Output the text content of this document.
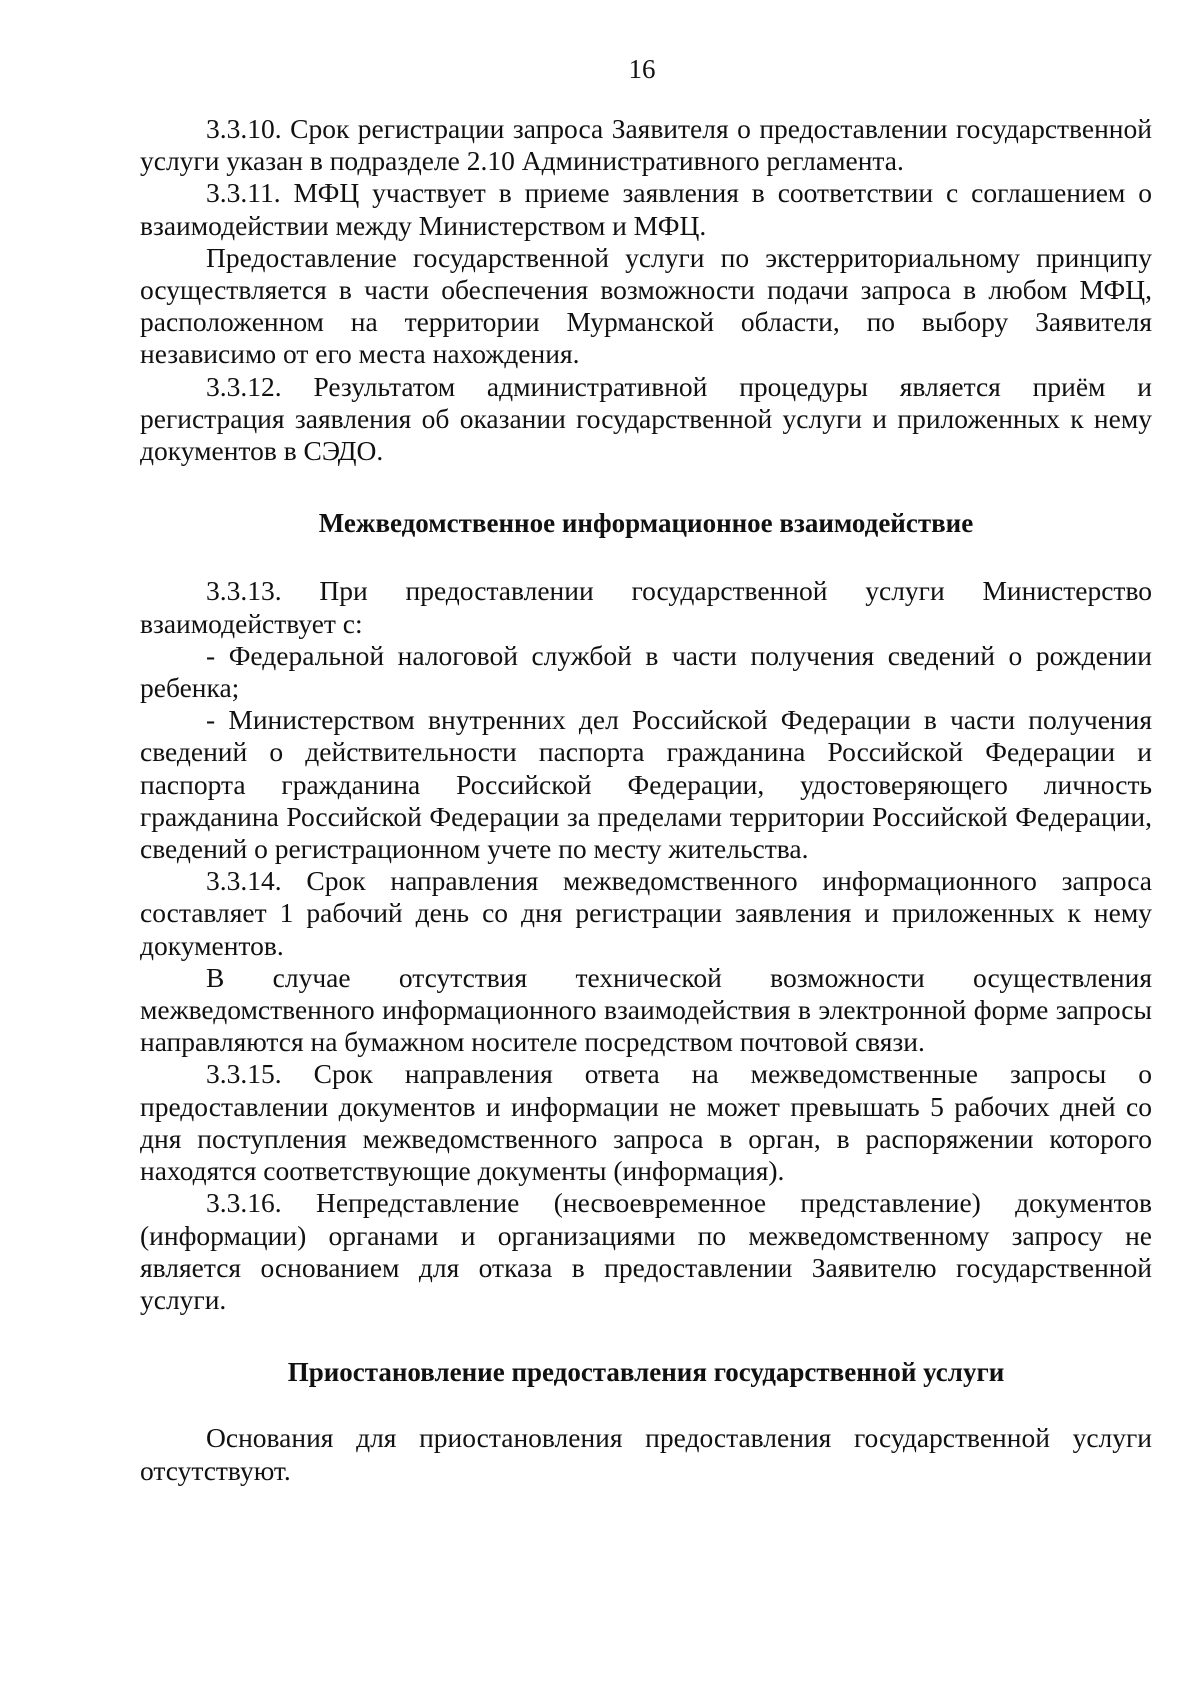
16

3.3.10. Срок регистрации запроса Заявителя о предоставлении государственной услуги указан в подразделе 2.10 Административного регламента.

3.3.11. МФЦ участвует в приеме заявления в соответствии с соглашением о взаимодействии между Министерством и МФЦ.

Предоставление государственной услуги по экстерриториальному принципу осуществляется в части обеспечения возможности подачи запроса в любом МФЦ, расположенном на территории Мурманской области, по выбору Заявителя независимо от его места нахождения.

3.3.12. Результатом административной процедуры является приём и регистрация заявления об оказании государственной услуги и приложенных к нему документов в СЭДО.

Межведомственное информационное взаимодействие

3.3.13. При предоставлении государственной услуги Министерство взаимодействует с:

- Федеральной налоговой службой в части получения сведений о рождении ребенка;

- Министерством внутренних дел Российской Федерации в части получения сведений о действительности паспорта гражданина Российской Федерации и паспорта гражданина Российской Федерации, удостоверяющего личность гражданина Российской Федерации за пределами территории Российской Федерации, сведений о регистрационном учете по месту жительства.

3.3.14. Срок направления межведомственного информационного запроса составляет 1 рабочий день со дня регистрации заявления и приложенных к нему документов.

В случае отсутствия технической возможности осуществления межведомственного информационного взаимодействия в электронной форме запросы направляются на бумажном носителе посредством почтовой связи.

3.3.15. Срок направления ответа на межведомственные запросы о предоставлении документов и информации не может превышать 5 рабочих дней со дня поступления межведомственного запроса в орган, в распоряжении которого находятся соответствующие документы (информация).

3.3.16. Непредставление (несвоевременное представление) документов (информации) органами и организациями по межведомственному запросу не является основанием для отказа в предоставлении Заявителю государственной услуги.

Приостановление предоставления государственной услуги

Основания для приостановления предоставления государственной услуги отсутствуют.
